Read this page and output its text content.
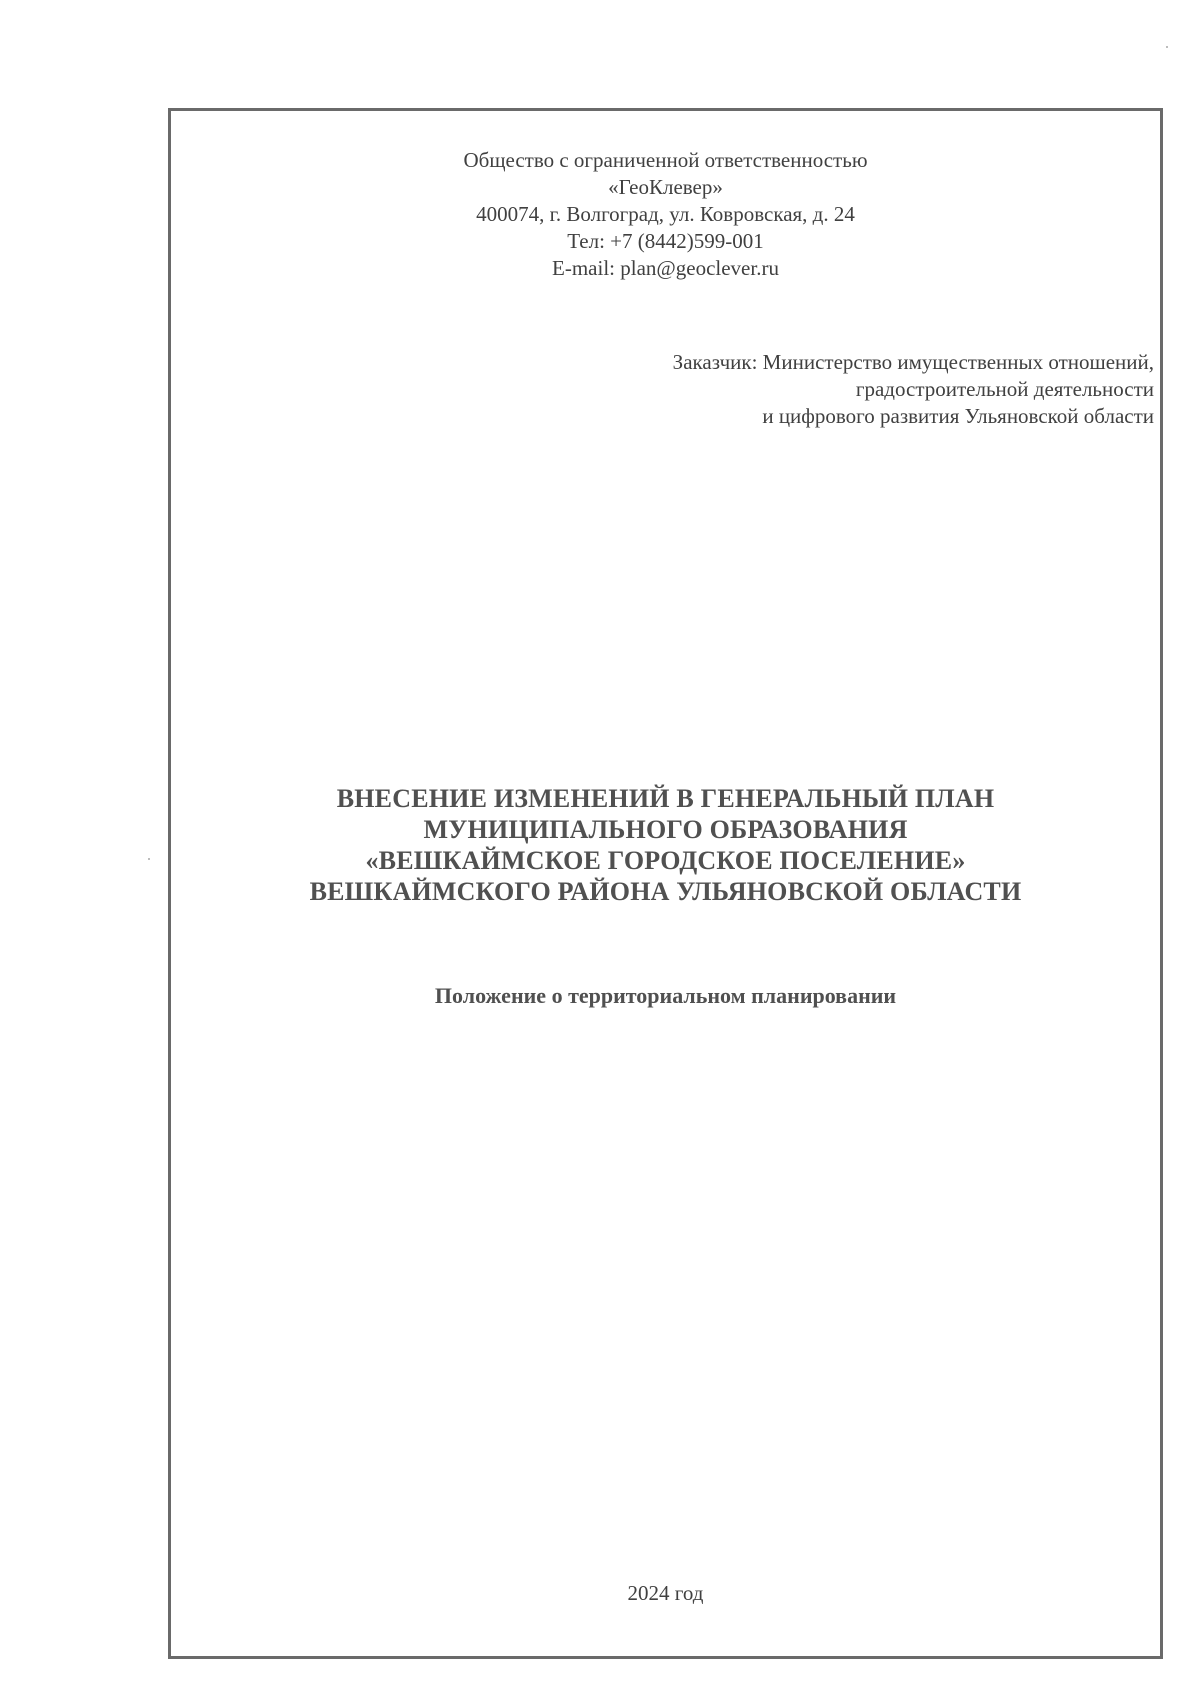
Общество с ограниченной ответственностью
«ГеоКлевер»
400074, г. Волгоград, ул. Ковровская, д. 24
Тел: +7 (8442)599-001
E-mail: plan@geoclever.ru
Заказчик: Министерство имущественных отношений,
градостроительной деятельности
и цифрового развития Ульяновской области
ВНЕСЕНИЕ ИЗМЕНЕНИЙ В ГЕНЕРАЛЬНЫЙ ПЛАН
МУНИЦИПАЛЬНОГО ОБРАЗОВАНИЯ
«ВЕШКАЙМСКОЕ ГОРОДСКОЕ ПОСЕЛЕНИЕ»
ВЕШКАЙМСКОГО РАЙОНА УЛЬЯНОВСКОЙ ОБЛАСТИ
Положение о территориальном планировании
2024 год
